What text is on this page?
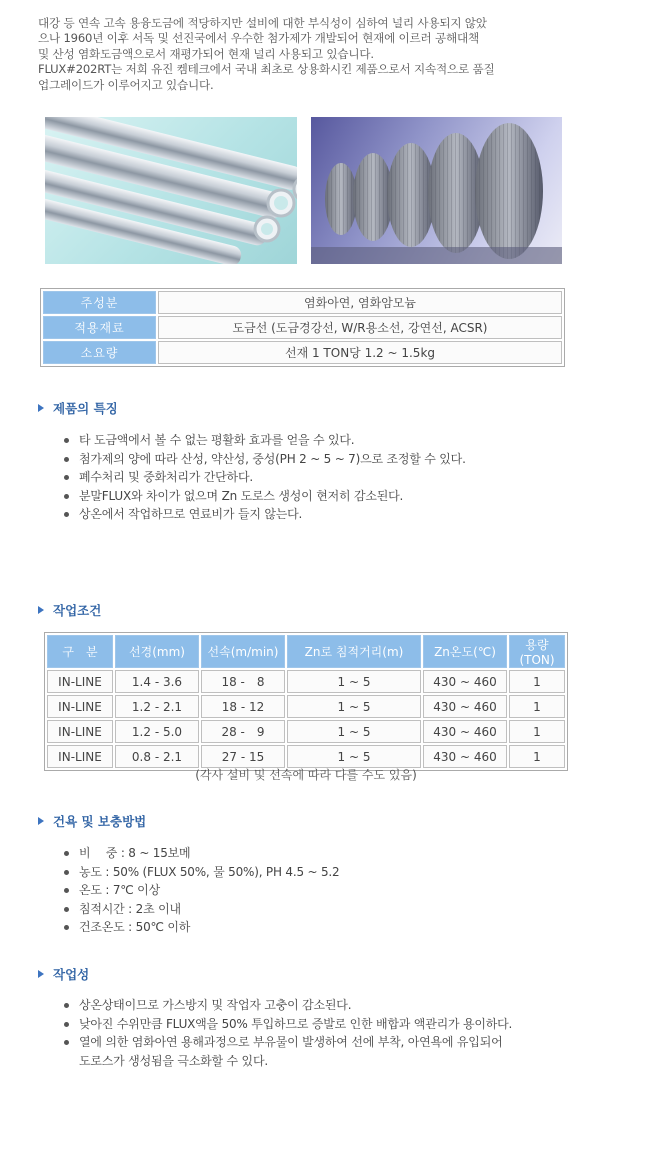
대강 등 연속 고속 용융도금에 적당하지만 설비에 대한 부식성이 심하여 널리 사용되지 않았

으나 1960년 이후 서독 및 선진국에서 우수한 첨가제가 개발되어 현재에 이르러 공해대책

및 산성 염화도금액으로서 재평가되어 현재 널리 사용되고 있습니다.

FLUX#202RT는 저희 유진 켐테크에서 국내 최초로 상용화시킨 제품으로서 지속적으로 품질

업그레이드가 이루어지고 있습니다.

주성분	염화아연, 염화암모늄
적용재료	도금선 (도금경강선, W/R용소선, 강연선, ACSR)
소요량	선재 1 TON당 1.2 ~ 1.5kg
제품의 특징
타 도금액에서 볼 수 없는 평활화 효과를 얻을 수 있다.
첨가제의 양에 따라 산성, 약산성, 중성(PH 2 ~ 5 ~ 7)으로 조정할 수 있다.
폐수처리 및 중화처리가 간단하다.
분말FLUX와 차이가 없으며 Zn 도로스 생성이 현저히 감소된다.
상온에서 작업하므로 연료비가 들지 않는다.
작업조건
구　분	선경(mm)	선속(m/min)	Zn로 침적거리(m)	Zn온도(℃)	용량(TON)
IN-LINE	1.4 - 3.6	18 -　8	1 ~ 5	430 ~ 460	1
IN-LINE	1.2 - 2.1	18 - 12	1 ~ 5	430 ~ 460	1
IN-LINE	1.2 - 5.0	28 -　9	1 ~ 5	430 ~ 460	1
IN-LINE	0.8 - 2.1	27 - 15	1 ~ 5	430 ~ 460	1
(각사 설비 및 선속에 따라 다를 수도 있음)
건욕 및 보충방법
비　 중 : 8 ~ 15보메
농도 : 50% (FLUX 50%, 물 50%), PH 4.5 ~ 5.2
온도 : 7℃ 이상
침적시간 : 2초 이내
건조온도 : 50℃ 이하
작업성
상온상태이므로 가스방지 및 작업자 고충이 감소된다.
낮아진 수위만큼 FLUX액을 50% 투입하므로 증발로 인한 배합과 액관리가 용이하다.
열에 의한 염화아연 용해과정으로 부유물이 발생하여 선에 부착, 아연욕에 유입되어
도로스가 생성됨을 극소화할 수 있다.
